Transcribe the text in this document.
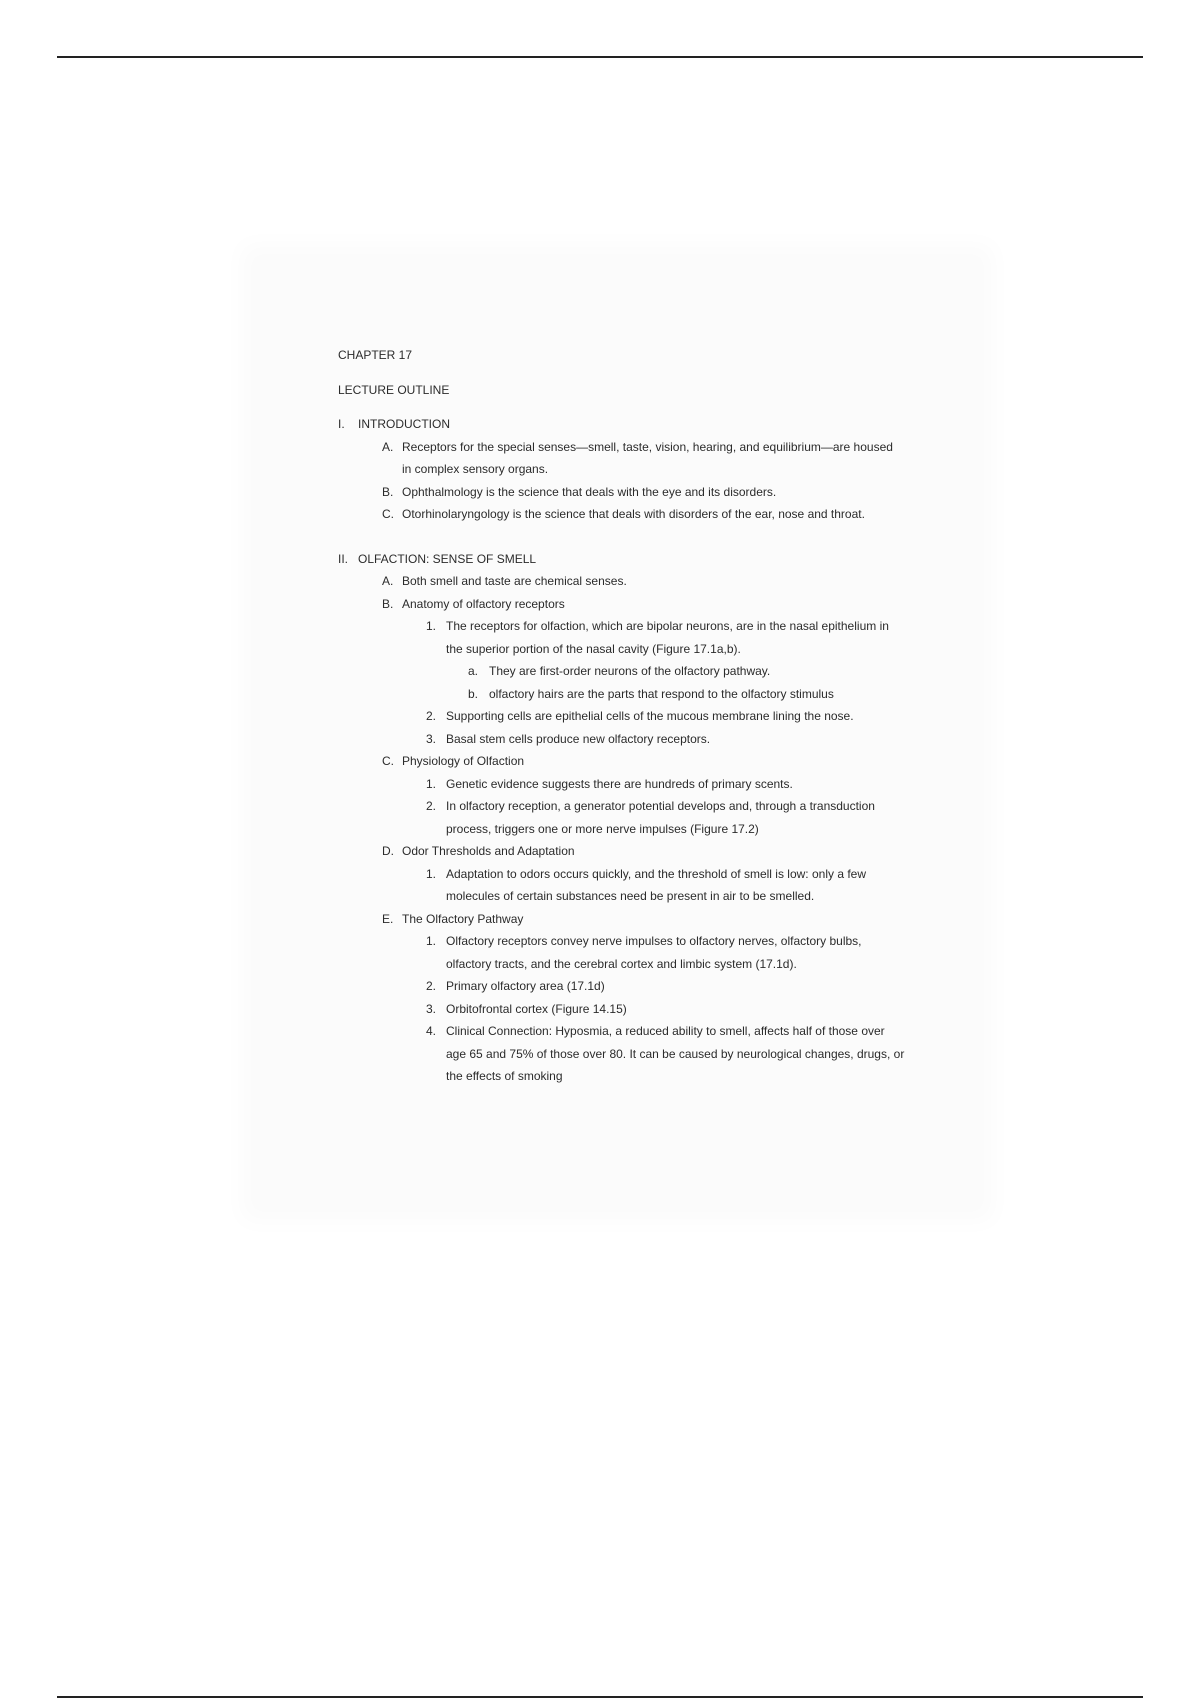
CHAPTER 17
LECTURE OUTLINE
I. INTRODUCTION
A. Receptors for the special senses—smell, taste, vision, hearing, and equilibrium—are housed
in complex sensory organs.
B. Ophthalmology is the science that deals with the eye and its disorders.
C. Otorhinolaryngology is the science that deals with disorders of the ear, nose and throat.
II. OLFACTION: SENSE OF SMELL
A. Both smell and taste are chemical senses.
B. Anatomy of olfactory receptors
1. The receptors for olfaction, which are bipolar neurons, are in the nasal epithelium in
the superior portion of the nasal cavity (Figure 17.1a,b).
a. They are first-order neurons of the olfactory pathway.
b. olfactory hairs are the parts that respond to the olfactory stimulus
2. Supporting cells are epithelial cells of the mucous membrane lining the nose.
3. Basal stem cells produce new olfactory receptors.
C. Physiology of Olfaction
1. Genetic evidence suggests there are hundreds of primary scents.
2. In olfactory reception, a generator potential develops and, through a transduction
process, triggers one or more nerve impulses (Figure 17.2)
D. Odor Thresholds and Adaptation
1. Adaptation to odors occurs quickly, and the threshold of smell is low: only a few
molecules of certain substances need be present in air to be smelled.
E. The Olfactory Pathway
1. Olfactory receptors convey nerve impulses to olfactory nerves, olfactory bulbs,
olfactory tracts, and the cerebral cortex and limbic system (17.1d).
2. Primary olfactory area (17.1d)
3. Orbitofrontal cortex (Figure 14.15)
4. Clinical Connection: Hyposmia, a reduced ability to smell, affects half of those over
age 65 and 75% of those over 80. It can be caused by neurological changes, drugs, or
the effects of smoking
